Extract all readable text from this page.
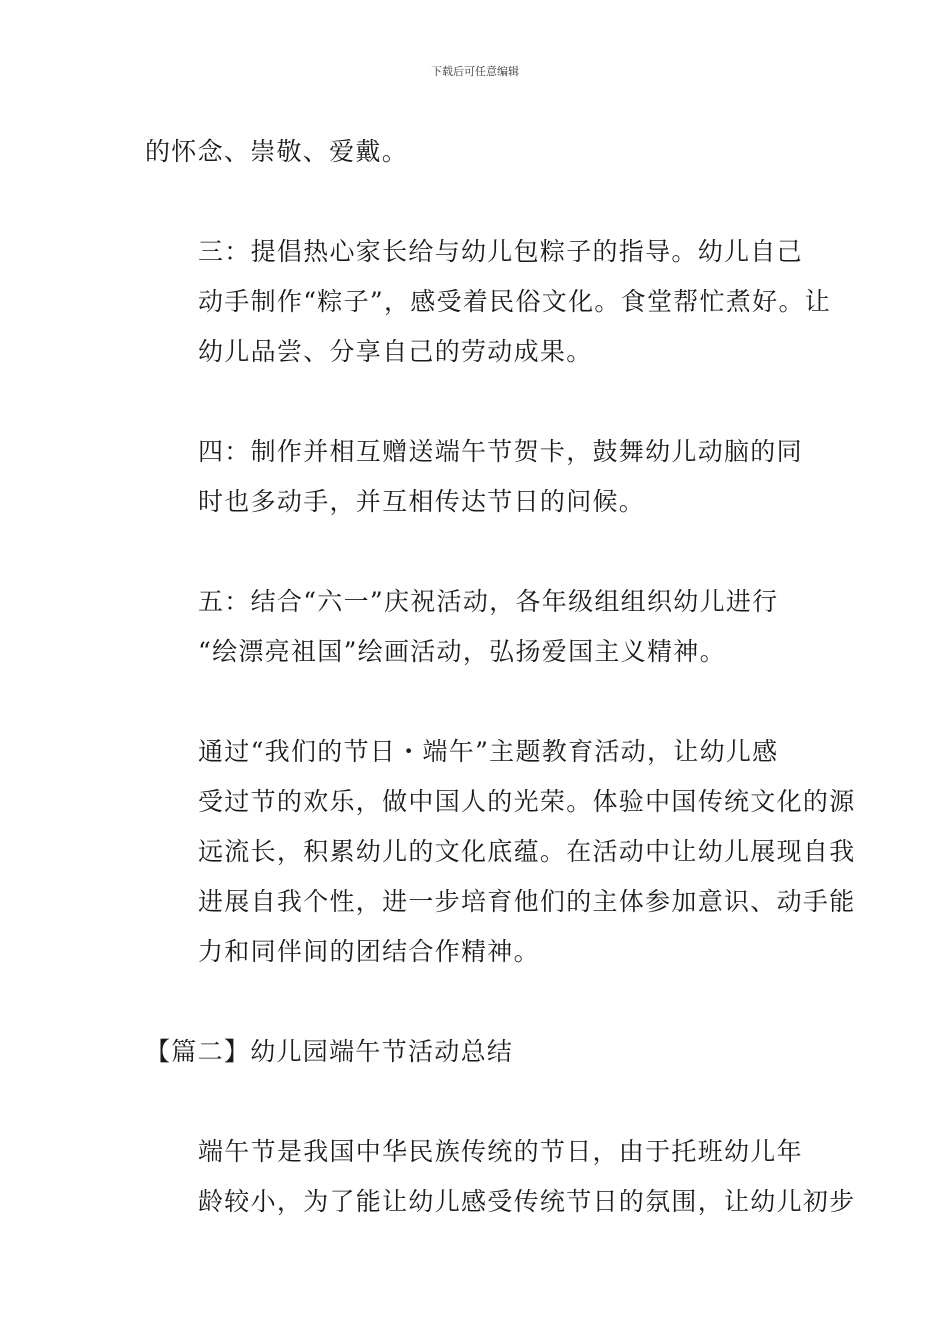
下载后可任意编辑

的怀念、崇敬、爱戴。

三：提倡热心家长给与幼儿包粽子的指导。幼儿自己
动手制作“粽子”，感受着民俗文化。食堂帮忙煮好。让
幼儿品尝、分享自己的劳动成果。

四：制作并相互赠送端午节贺卡，鼓舞幼儿动脑的同
时也多动手，并互相传达节日的问候。

五：结合“六一”庆祝活动，各年级组组织幼儿进行
“绘漂亮祖国”绘画活动，弘扬爱国主义精神。

通过“我们的节日・端午”主题教育活动，让幼儿感
受过节的欢乐，做中国人的光荣。体验中国传统文化的源
远流长，积累幼儿的文化底蕴。在活动中让幼儿展现自我
进展自我个性，进一步培育他们的主体参加意识、动手能
力和同伴间的团结合作精神。

【篇二】幼儿园端午节活动总结

端午节是我国中华民族传统的节日，由于托班幼儿年
龄较小，为了能让幼儿感受传统节日的氛围，让幼儿初步
